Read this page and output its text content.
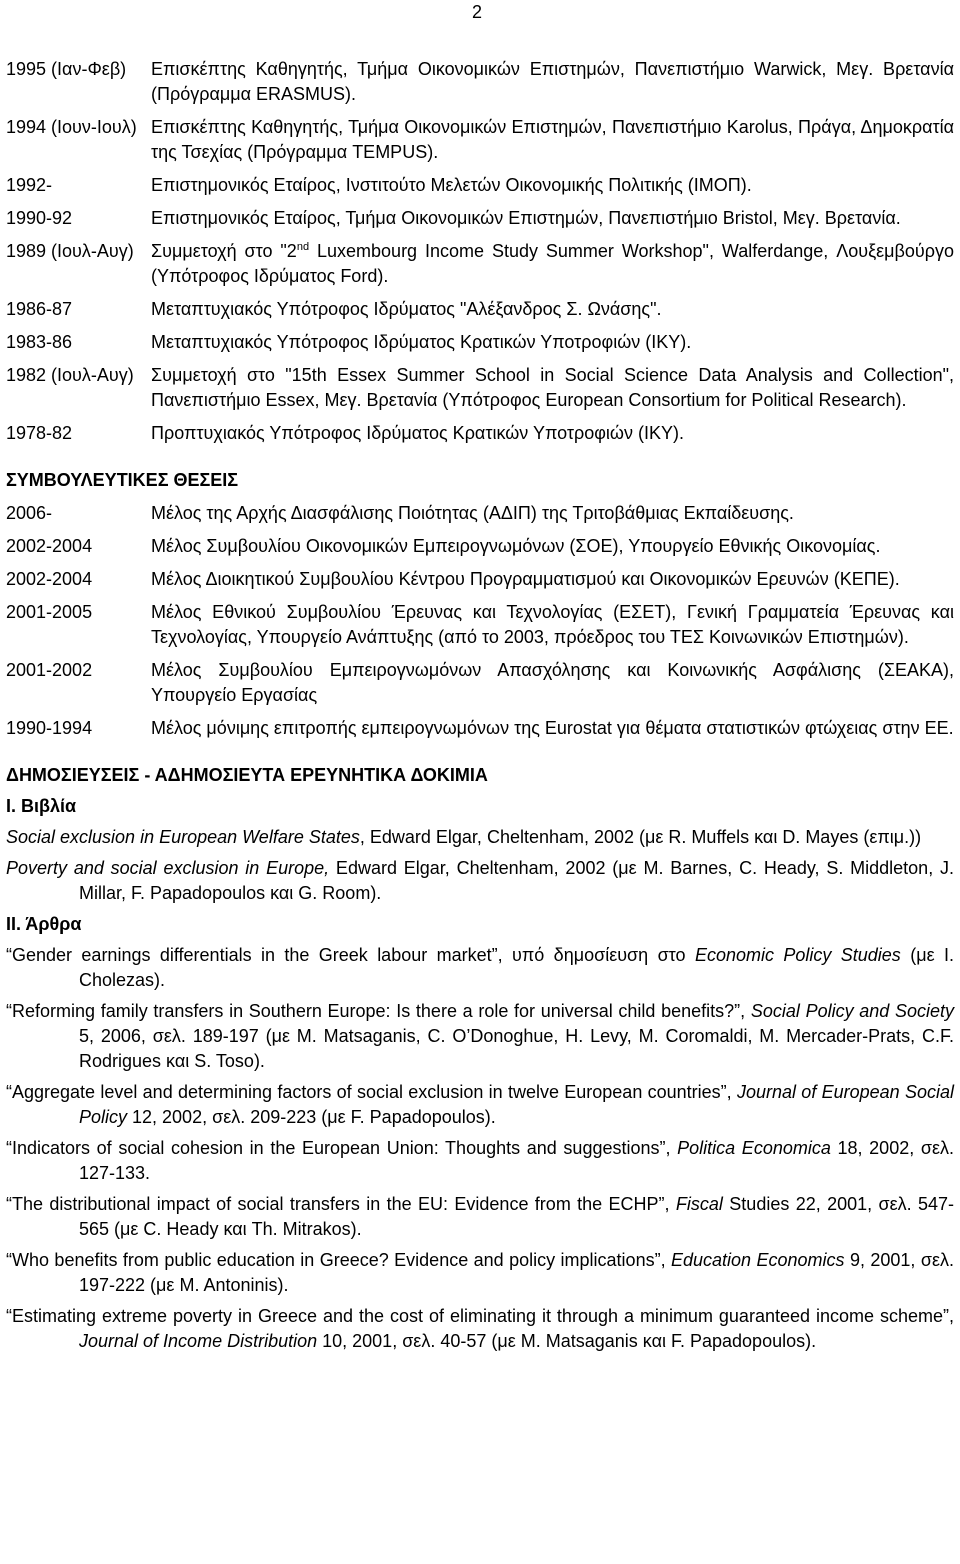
2
1995 (Ιαν-Φεβ)	Επισκέπτης Καθηγητής, Τμήμα Οικονομικών Επιστημών, Πανεπιστήμιο Warwick, Μεγ. Βρετανία (Πρόγραμμα ERASMUS).
1994 (Ιουν-Ιουλ) Επισκέπτης Καθηγητής, Τμήμα Οικονομικών Επιστημών, Πανεπιστήμιο Karolus, Πράγα, Δημοκρατία της Τσεχίας (Πρόγραμμα TEMPUS).
1992-	Επιστημονικός Εταίρος, Ινστιτούτο Μελετών Οικονομικής Πολιτικής (ΙΜΟΠ).
1990-92	Επιστημονικός Εταίρος, Τμήμα Οικονομικών Επιστημών, Πανεπιστήμιο Bristol, Μεγ. Βρετανία.
1989 (Ιουλ-Αυγ) Συμμετοχή στο "2nd Luxembourg Income Study Summer Workshop", Walferdange, Λουξεμβούργο (Υπότροφος Ιδρύματος Ford).
1986-87	Μεταπτυχιακός Υπότροφος Ιδρύματος "Αλέξανδρος Σ. Ωνάσης".
1983-86	Μεταπτυχιακός Υπότροφος Ιδρύματος Κρατικών Υποτροφιών (ΙΚΥ).
1982 (Ιουλ-Αυγ) Συμμετοχή στο "15th Essex Summer School in Social Science Data Analysis and Collection", Πανεπιστήμιο Essex, Μεγ. Βρετανία (Υπότροφος European Consortium for Political Research).
1978-82	Προπτυχιακός Υπότροφος Ιδρύματος Κρατικών Υποτροφιών (ΙΚΥ).
ΣΥΜΒΟΥΛΕΥΤΙΚΕΣ ΘΕΣΕΙΣ
2006-	Μέλος της Αρχής Διασφάλισης Ποιότητας (ΑΔΙΠ) της Τριτοβάθμιας Εκπαίδευσης.
2002-2004	Μέλος Συμβουλίου Οικονομικών Εμπειρογνωμόνων (ΣΟΕ), Υπουργείο Εθνικής Οικονομίας.
2002-2004	Μέλος Διοικητικού Συμβουλίου Κέντρου Προγραμματισμού και Οικονομικών Ερευνών (ΚΕΠΕ).
2001-2005	Μέλος Εθνικού Συμβουλίου Έρευνας και Τεχνολογίας (ΕΣΕΤ), Γενική Γραμματεία Έρευνας και Τεχνολογίας, Υπουργείο Ανάπτυξης (από το 2003, πρόεδρος του ΤΕΣ Κοινωνικών Επιστημών).
2001-2002	Μέλος Συμβουλίου Εμπειρογνωμόνων Απασχόλησης και Κοινωνικής Ασφάλισης (ΣΕΑΚΑ), Υπουργείο Εργασίας
1990-1994	Μέλος μόνιμης επιτροπής εμπειρογνωμόνων της Eurostat για θέματα στατιστικών φτώχειας στην ΕΕ.
ΔΗΜΟΣΙΕΥΣΕΙΣ - ΑΔΗΜΟΣΙΕΥΤΑ ΕΡΕΥΝΗΤΙΚΑ ΔΟΚΙΜΙΑ
Ι. Βιβλία
Social exclusion in European Welfare States, Edward Elgar, Cheltenham, 2002 (με R. Muffels και D. Mayes (επιμ.))
Poverty and social exclusion in Europe, Edward Elgar, Cheltenham, 2002 (με M. Barnes, C. Heady, S. Middleton, J. Millar, F. Papadopoulos και G. Room).
ΙΙ. Άρθρα
“Gender earnings differentials in the Greek labour market”, υπό δημοσίευση στο Economic Policy Studies (με I. Cholezas).
“Reforming family transfers in Southern Europe: Is there a role for universal child benefits?”, Social Policy and Society 5, 2006, σελ. 189-197 (με M. Matsaganis, C. O’Donoghue, H. Levy, M. Coromaldi, M. Mercader-Prats, C.F. Rodrigues και S. Toso).
“Aggregate level and determining factors of social exclusion in twelve European countries”, Journal of European Social Policy 12, 2002, σελ. 209-223 (με F. Papadopoulos).
“Indicators of social cohesion in the European Union: Thoughts and suggestions”, Politica Economica 18, 2002, σελ. 127-133.
“The distributional impact of social transfers in the EU: Evidence from the ECHP”, Fiscal Studies 22, 2001, σελ. 547-565 (με C. Heady και Th. Mitrakos).
“Who benefits from public education in Greece? Evidence and policy implications”, Education Economics 9, 2001, σελ. 197-222 (με M. Antoninis).
“Estimating extreme poverty in Greece and the cost of eliminating it through a minimum guaranteed income scheme”, Journal of Income Distribution 10, 2001, σελ. 40-57 (με M. Matsaganis και F. Papadopoulos).
